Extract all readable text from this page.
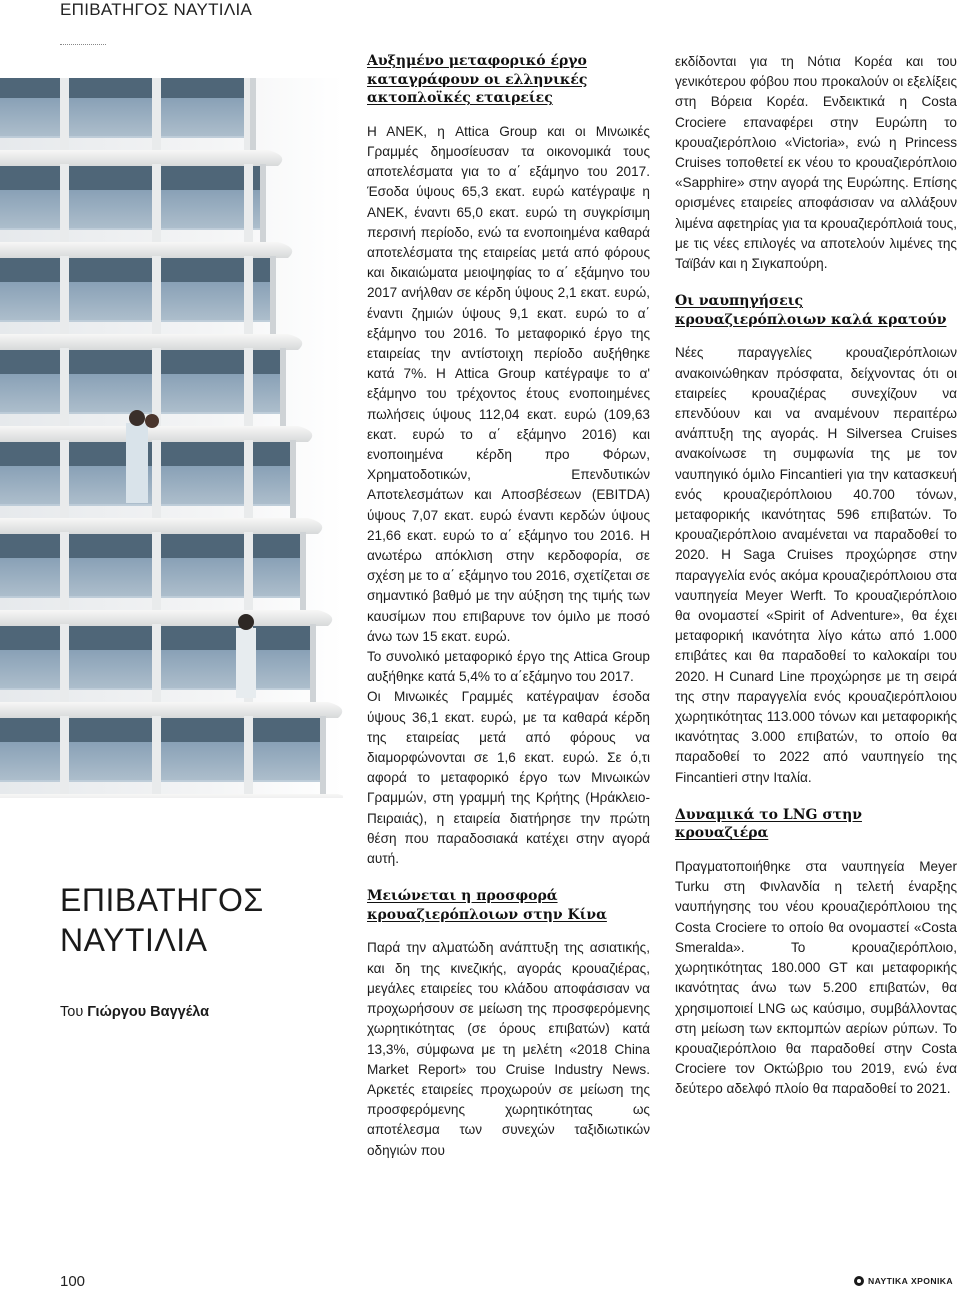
ΕΠΙΒΑΤΗΓΟΣ ΝΑΥΤΙΛΙΑ
ΕΠΙΒΑΤΗΓΟΣ
ΝΑΥΤΙΛΙΑ
Του Γιώργου Βαγγέλα
Αυξημένο μεταφορικό έργο καταγράφουν οι ελληνικές ακτοπλοϊκές εταιρείες

Η ΑΝΕΚ, η Attica Group και οι Μινωικές Γραμμές δημοσίευσαν τα οικονομικά τους αποτελέσματα για το α΄ εξάμηνο του 2017. Έσοδα ύψους 65,3 εκατ. ευρώ κατέγραψε η ΑΝΕΚ, έναντι 65,0 εκατ. ευρώ τη συγκρίσιμη περσινή περίοδο, ενώ τα ενοποιημένα καθαρά αποτελέσματα της εταιρείας μετά από φόρους και δικαιώματα μειοψηφίας το α΄ εξάμηνο του 2017 ανήλθαν σε κέρδη ύψους 2,1 εκατ. ευρώ, έναντι ζημιών ύψους 9,1 εκατ. ευρώ το α΄ εξάμηνο του 2016. Το μεταφορικό έργο της εταιρείας την αντίστοιχη περίοδο αυξήθηκε κατά 7%. Η Attica Group κατέγραψε το α' εξάμηνο του τρέχοντος έτους ενοποιημένες πωλήσεις ύψους 112,04 εκατ. ευρώ (109,63 εκατ. ευρώ το α΄ εξάμηνο 2016) και ενοποιημένα κέρδη προ Φόρων, Χρηματοδοτικών, Επενδυτικών Αποτελεσμάτων και Αποσβέσεων (EBITDA) ύψους 7,07 εκατ. ευρώ έναντι κερδών ύψους 21,66 εκατ. ευρώ το α΄ εξάμηνο του 2016. Η ανωτέρω απόκλιση στην κερδοφορία, σε σχέση με το α΄ εξάμηνο του 2016, σχετίζεται σε σημαντικό βαθμό με την αύξηση της τιμής των καυσίμων που επιβαρυνε τον όμιλο με ποσό άνω των 15 εκατ. ευρώ.

Το συνολικό μεταφορικό έργο της Attica Group αυξήθηκε κατά 5,4% το α΄εξάμηνο του 2017.

Οι Μινωικές Γραμμές κατέγραψαν έσοδα ύψους 36,1 εκατ. ευρώ, με τα καθαρά κέρδη της εταιρείας μετά από φόρους να διαμορφώνονται σε 1,6 εκατ. ευρώ. Σε ό,τι αφορά το μεταφορικό έργο των Μινωικών Γραμμών, στη γραμμή της Κρήτης (Ηράκλειο-Πειραιάς), η εταιρεία διατήρησε την πρώτη θέση που παραδοσιακά κατέχει στην αγορά αυτή.

Μειώνεται η προσφορά κρουαζιερόπλοιων στην Κίνα

Παρά την αλματώδη ανάπτυξη της ασιατικής, και δη της κινεζικής, αγοράς κρουαζιέρας, μεγάλες εταιρείες του κλάδου αποφάσισαν να προχωρήσουν σε μείωση της προσφερόμενης χωρητικότητας (σε όρους επιβατών) κατά 13,3%, σύμφωνα με τη μελέτη «2018 China Market Report» του Cruise Industry News. Αρκετές εταιρείες προχωρούν σε μείωση της προσφερόμενης χωρητικότητας ως αποτέλεσμα των συνεχών ταξιδιωτικών οδηγιών που

εκδίδονται για τη Νότια Κορέα και του γενικότερου φόβου που προκαλούν οι εξελίξεις στη Βόρεια Κορέα. Ενδεικτικά η Costa Crociere επαναφέρει στην Ευρώπη το κρουαζιερόπλοιο «Victoria», ενώ η Princess Cruises τοποθετεί εκ νέου το κρουαζιερόπλοιο «Sapphire» στην αγορά της Ευρώπης. Επίσης ορισμένες εταιρείες αποφάσισαν να αλλάξουν λιμένα αφετηρίας για τα κρουαζιερόπλοιά τους, με τις νέες επιλογές να αποτελούν λιμένες της Ταϊβάν και η Σιγκαπούρη.

Οι ναυπηγήσεις κρουαζιερόπλοιων καλά κρατούν

Νέες παραγγελίες κρουαζιερόπλοιων ανακοινώθηκαν πρόσφατα, δείχνοντας ότι οι εταιρείες κρουαζιέρας συνεχίζουν να επενδύουν και να αναμένουν περαιτέρω ανάπτυξη της αγοράς. Η Silversea Cruises ανακοίνωσε τη συμφωνία της με τον ναυπηγικό όμιλο Fincantieri για την κατασκευή ενός κρουαζιερόπλοιου 40.700 τόνων, μεταφορικής ικανότητας 596 επιβατών. Το κρουαζιερόπλοιο αναμένεται να παραδοθεί το 2020. Η Saga Cruises προχώρησε στην παραγγελία ενός ακόμα κρουαζιερόπλοιου στα ναυπηγεία Meyer Werft. Το κρουαζιερόπλοιο θα ονομαστεί «Spirit of Adventure», θα έχει μεταφορική ικανότητα λίγο κάτω από 1.000 επιβάτες και θα παραδοθεί το καλοκαίρι του 2020. Η Cunard Line προχώρησε με τη σειρά της στην παραγγελία ενός κρουαζιερόπλοιου χωρητικότητας 113.000 τόνων και μεταφορικής ικανότητας 3.000 επιβατών, το οποίο θα παραδοθεί το 2022 από ναυπηγείο της Fincantieri στην Ιταλία.

Δυναμικά το LNG στην κρουαζιέρα

Πραγματοποιήθηκε στα ναυπηγεία Meyer Turku στη Φινλανδία η τελετή έναρξης ναυπήγησης του νέου κρουαζιερόπλοιου της Costa Crociere το οποίο θα ονομαστεί «Costa Smeralda». Το κρουαζιερόπλοιο, χωρητικότητας 180.000 GT και μεταφορικής ικανότητας άνω των 5.200 επιβατών, θα χρησιμοποιεί LNG ως καύσιμο, συμβάλλοντας στη μείωση των εκπομπών αερίων ρύπων. Το κρουαζιερόπλοιο θα παραδοθεί στην Costa Crociere τον Οκτώβριο του 2019, ενώ ένα δεύτερο αδελφό πλοίο θα παραδοθεί το 2021.

100	ΝΑΥΤΙΚΑ ΧΡΟΝΙΚΑ
